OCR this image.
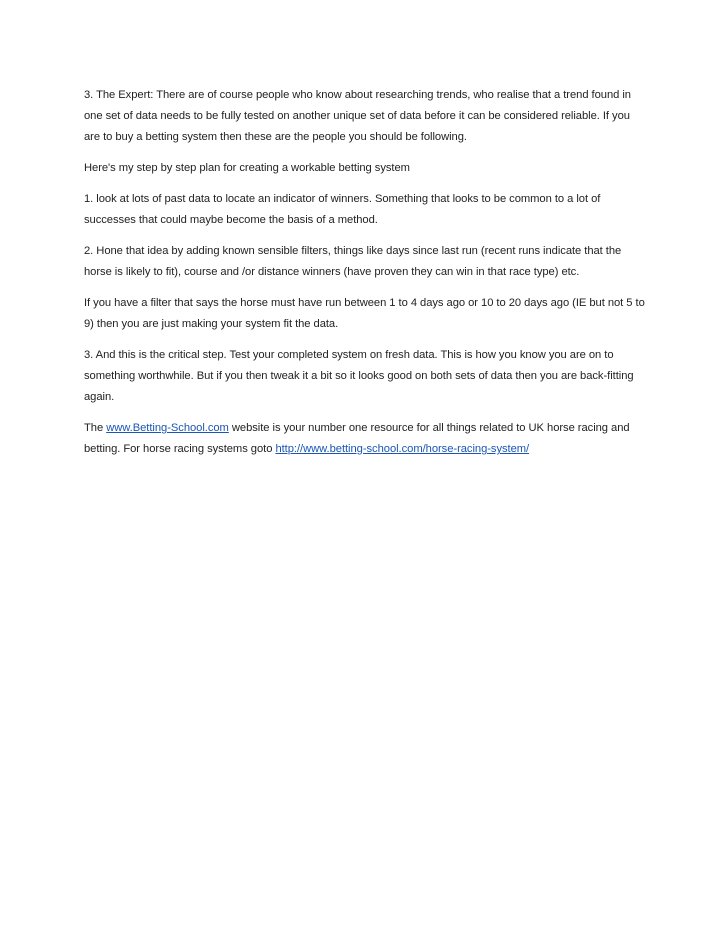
3. The Expert: There are of course people who know about researching trends, who realise that a trend found in one set of data needs to be fully tested on another unique set of data before it can be considered reliable. If you are to buy a betting system then these are the people you should be following.

Here's my step by step plan for creating a workable betting system

1. look at lots of past data to locate an indicator of winners. Something that looks to be common to a lot of successes that could maybe become the basis of a method.

2. Hone that idea by adding known sensible filters, things like days since last run (recent runs indicate that the horse is likely to fit), course and /or distance winners (have proven they can win in that race type) etc.

If you have a filter that says the horse must have run between 1 to 4 days ago or 10 to 20 days ago (IE but not 5 to 9) then you are just making your system fit the data.

3. And this is the critical step. Test your completed system on fresh data. This is how you know you are on to something worthwhile. But if you then tweak it a bit so it looks good on both sets of data then you are back-fitting again.

The www.Betting-School.com website is your number one resource for all things related to UK horse racing and betting. For horse racing systems goto http://www.betting-school.com/horse-racing-system/
